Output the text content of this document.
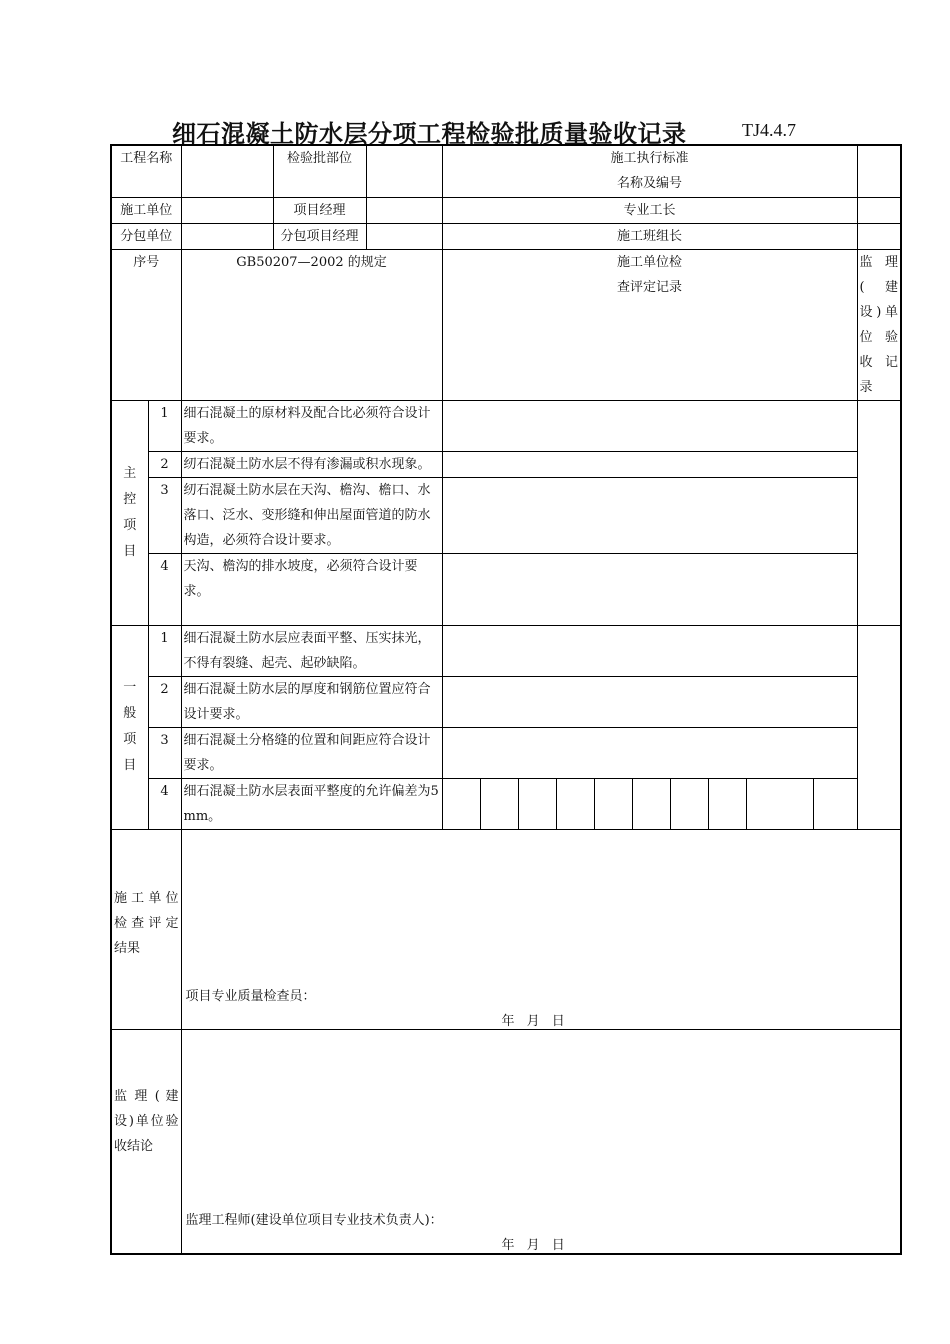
细石混凝土防水层分项工程检验批质量验收记录	TJ4.4.7
工程名称			检验批部位		施工执行标准
名称及编号										

施工单位			项目经理		专业工长										
分包单位			分包项目经理		施工班组长										
序号		GB50207—2002 的规定			施工单位检
查评定记录										监 理 ( 建 设)单位验 收记录

主控项目	1	细石混凝土的原材料及配合比必须符合设计要求。													
	2	纫石混凝土防水层不得有渗漏或积水现象。													
	3	纫石混凝土防水层在天沟、檐沟、檐口、水落口、泛水、变形缝和伸出屋面管道的防水构造，必须符合设计要求。													
	4	天沟、檐沟的排水坡度，必须符合设计要求。													

一般项目	1	细石混凝土防水层应表面平整、压实抹光，不得有裂缝、起壳、起砂缺陷。													
	2	细石混凝土防水层的厚度和钢筋位置应符合设计要求。													
	3	细石混凝土分格缝的位置和间距应符合设计要求。													
	4	细石混凝土防水层表面平整度的允许偏差为5mm。													
施工单位检查评定结果		项目专业质量检查员：
年 月 日													

监 理 ( 建 设)单位验收结论		监理工程师(建设单位项目专业技术负责人)：
年 月 日													
